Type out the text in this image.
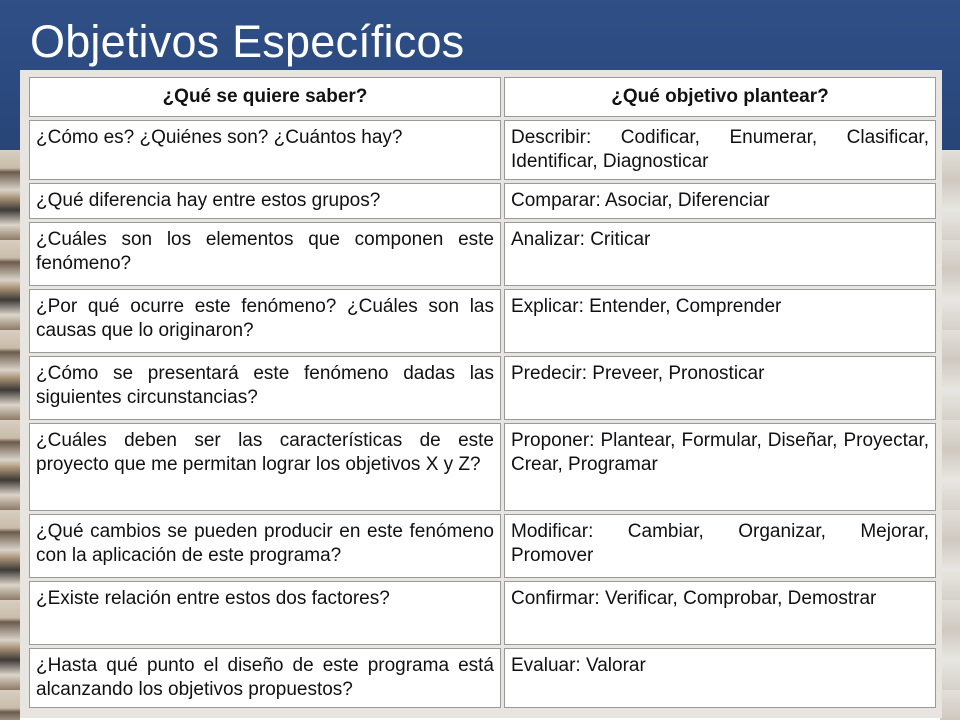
Objetivos Específicos
¿Qué se quiere saber?	¿Qué objetivo plantear?
¿Cómo es? ¿Quiénes son? ¿Cuántos hay?	Describir: Codificar, Enumerar, Clasificar, Identificar, Diagnosticar
¿Qué diferencia hay entre estos grupos?	Comparar: Asociar, Diferenciar
¿Cuáles son los elementos que componen este fenómeno?	Analizar: Criticar
¿Por qué ocurre este fenómeno? ¿Cuáles son las causas que lo originaron?	Explicar: Entender, Comprender
¿Cómo se presentará este fenómeno dadas las siguientes circunstancias?	Predecir: Preveer, Pronosticar
¿Cuáles deben ser las características de este proyecto que me permitan lograr los objetivos X y Z?	Proponer: Plantear, Formular, Diseñar, Proyectar, Crear, Programar
¿Qué cambios se pueden producir en este fenómeno con la aplicación de este programa?	Modificar: Cambiar, Organizar, Mejorar, Promover
¿Existe relación entre estos dos factores?	Confirmar: Verificar, Comprobar, Demostrar
¿Hasta qué punto el diseño de este programa está alcanzando los objetivos propuestos?	Evaluar: Valorar
